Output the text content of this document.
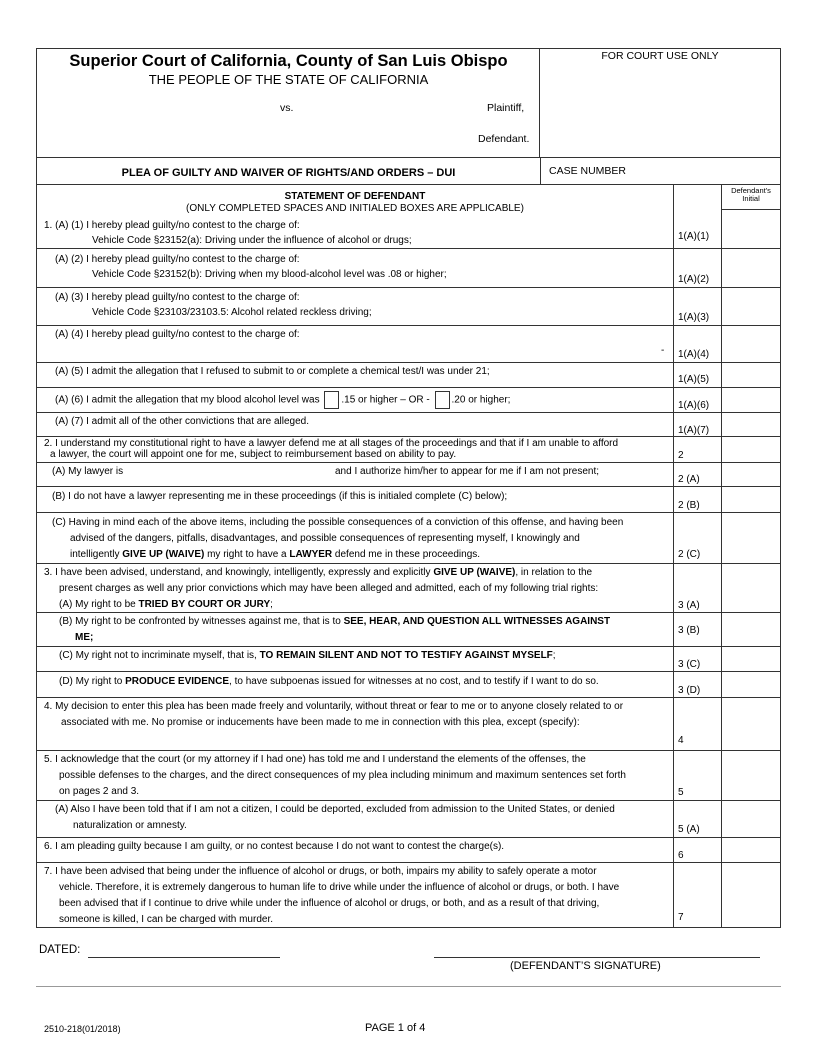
Superior Court of California, County of San Luis Obispo
THE PEOPLE OF THE STATE OF CALIFORNIA
vs.	Plaintiff,
Defendant.
FOR COURT USE ONLY
PLEA OF GUILTY AND WAIVER OF RIGHTS/AND ORDERS – DUI	CASE NUMBER
STATEMENT OF DEFENDANT
(ONLY COMPLETED SPACES AND INITIALED BOXES ARE APPLICABLE)
Defendant's Initial
1. (A) (1) I hereby plead guilty/no contest to the charge of:
Vehicle Code §23152(a): Driving under the influence of alcohol or drugs;	1(A)(1)
(A) (2) I hereby plead guilty/no contest to the charge of:
Vehicle Code §23152(b): Driving when my blood-alcohol level was .08 or higher;	1(A)(2)
(A) (3) I hereby plead guilty/no contest to the charge of:
Vehicle Code §23103/23103.5: Alcohol related reckless driving;	1(A)(3)
(A) (4) I hereby plead guilty/no contest to the charge of:
- 1(A)(4)
(A) (5) I admit the allegation that I refused to submit to or complete a chemical test/I was under 21;
1(A)(5)
(A) (6) I admit the allegation that my blood alcohol level was .15 or higher – OR - .20 or higher;	1(A)(6)
(A) (7) I admit all of the other convictions that are alleged.
1(A)(7)
2. I understand my constitutional right to have a lawyer defend me at all stages of the proceedings and that if I am unable to afford
a lawyer, the court will appoint one for me, subject to reimbursement based on ability to pay.	2
(A) My lawyer is	and I authorize him/her to appear for me if I am not present;
2 (A)
(B) I do not have a lawyer representing me in these proceedings (if this is initialed complete (C) below);
2 (B)
(C) Having in mind each of the above items, including the possible consequences of a conviction of this offense, and having been
advised of the dangers, pitfalls, disadvantages, and possible consequences of representing myself, I knowingly and
intelligently GIVE UP (WAIVE) my right to have a LAWYER defend me in these proceedings.	2 (C)
3. I have been advised, understand, and knowingly, intelligently, expressly and explicitly GIVE UP (WAIVE), in relation to the
present charges as well any prior convictions which may have been alleged and admitted, each of my following trial rights:
(A) My right to be TRIED BY COURT OR JURY;	3 (A)
(B) My right to be confronted by witnesses against me, that is to SEE, HEAR, AND QUESTION ALL WITNESSES AGAINST
ME;
3 (B)
(C) My right not to incriminate myself, that is, TO REMAIN SILENT AND NOT TO TESTIFY AGAINST MYSELF;
3 (C)
(D) My right to PRODUCE EVIDENCE, to have subpoenas issued for witnesses at no cost, and to testify if I want to do so.
3 (D)
4. My decision to enter this plea has been made freely and voluntarily, without threat or fear to me or to anyone closely related to or
associated with me. No promise or inducements have been made to me in connection with this plea, except (specify):
4
5. I acknowledge that the court (or my attorney if I had one) has told me and I understand the elements of the offenses, the
possible defenses to the charges, and the direct consequences of my plea including minimum and maximum sentences set forth
on pages 2 and 3.	5
(A) Also I have been told that if I am not a citizen, I could be deported, excluded from admission to the United States, or denied
naturalization or amnesty.	5 (A)
6. I am pleading guilty because I am guilty, or no contest because I do not want to contest the charge(s).
6
7. I have been advised that being under the influence of alcohol or drugs, or both, impairs my ability to safely operate a motor
vehicle. Therefore, it is extremely dangerous to human life to drive while under the influence of alcohol or drugs, or both. I have
been advised that if I continue to drive while under the influence of alcohol or drugs, or both, and as a result of that driving,
someone is killed, I can be charged with murder.	7
DATED:
(DEFENDANT’S SIGNATURE)
2510-218(01/2018)	PAGE 1 of 4
